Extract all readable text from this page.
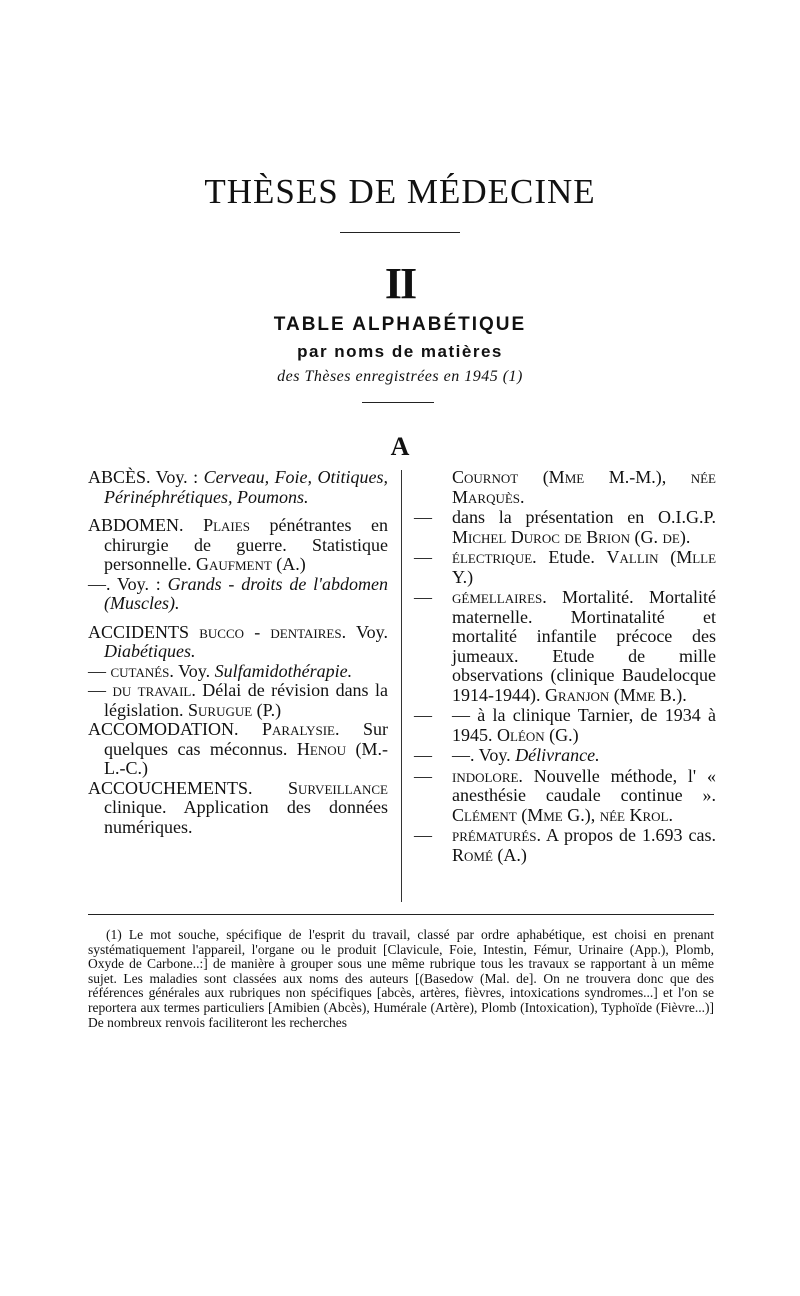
THÈSES DE MÉDECINE
II
TABLE ALPHABÉTIQUE
par noms de matières
des Thèses enregistrées en 1945 (1)
A

ABCÈS. Voy. : Cerveau, Foie, Otitiques, Périnéphrétiques, Poumons.

ABDOMEN. Plaies pénétrantes en chirurgie de guerre. Statistique personnelle. Gaufment (A.)

—. Voy. : Grands - droits de l'abdomen (Muscles).

ACCIDENTS bucco - dentaires. Voy. Diabétiques.

— cutanés. Voy. Sulfamidothérapie.

— du travail. Délai de révision dans la législation. Surugue (P.)

ACCOMODATION. Paralysie. Sur quelques cas méconnus. Henou (M.-L.-C.)

ACCOUCHEMENTS. Surveillance clinique. Application des données numériques.

Cournot (Mme M.-M.), née Marquès.

— dans la présentation en O.I.G.P. Michel Duroc de Brion (G. de).

— électrique. Etude. Vallin (Mlle Y.)

— gémellaires. Mortalité. Mortalité maternelle. Mortinatalité et mortalité infantile précoce des jumeaux. Etude de mille observations (clinique Baudelocque 1914-1944). Granjon (Mme B.).

— — à la clinique Tarnier, de 1934 à 1945. Oléon (G.)

— —. Voy. Délivrance.

— indolore. Nouvelle méthode, l' « anesthésie caudale continue ». Clément (Mme G.), née Krol.

— prématurés. A propos de 1.693 cas. Romé (A.)

(1) Le mot souche, spécifique de l'esprit du travail, classé par ordre aphabétique, est choisi en prenant systématiquement l'appareil, l'organe ou le produit [Clavicule, Foie, Intestin, Fémur, Urinaire (App.), Plomb, Oxyde de Carbone..:] de manière à grouper sous une même rubrique tous les travaux se rapportant à un même sujet. Les maladies sont classées aux noms des auteurs [(Basedow (Mal. de]. On ne trouvera donc que des références générales aux rubriques non spécifiques [abcès, artères, fièvres, intoxications syndromes...] et l'on se reportera aux termes particuliers [Amibien (Abcès), Humérale (Artère), Plomb (Intoxication), Typhoïde (Fièvre...)] De nombreux renvois faciliteront les recherches
